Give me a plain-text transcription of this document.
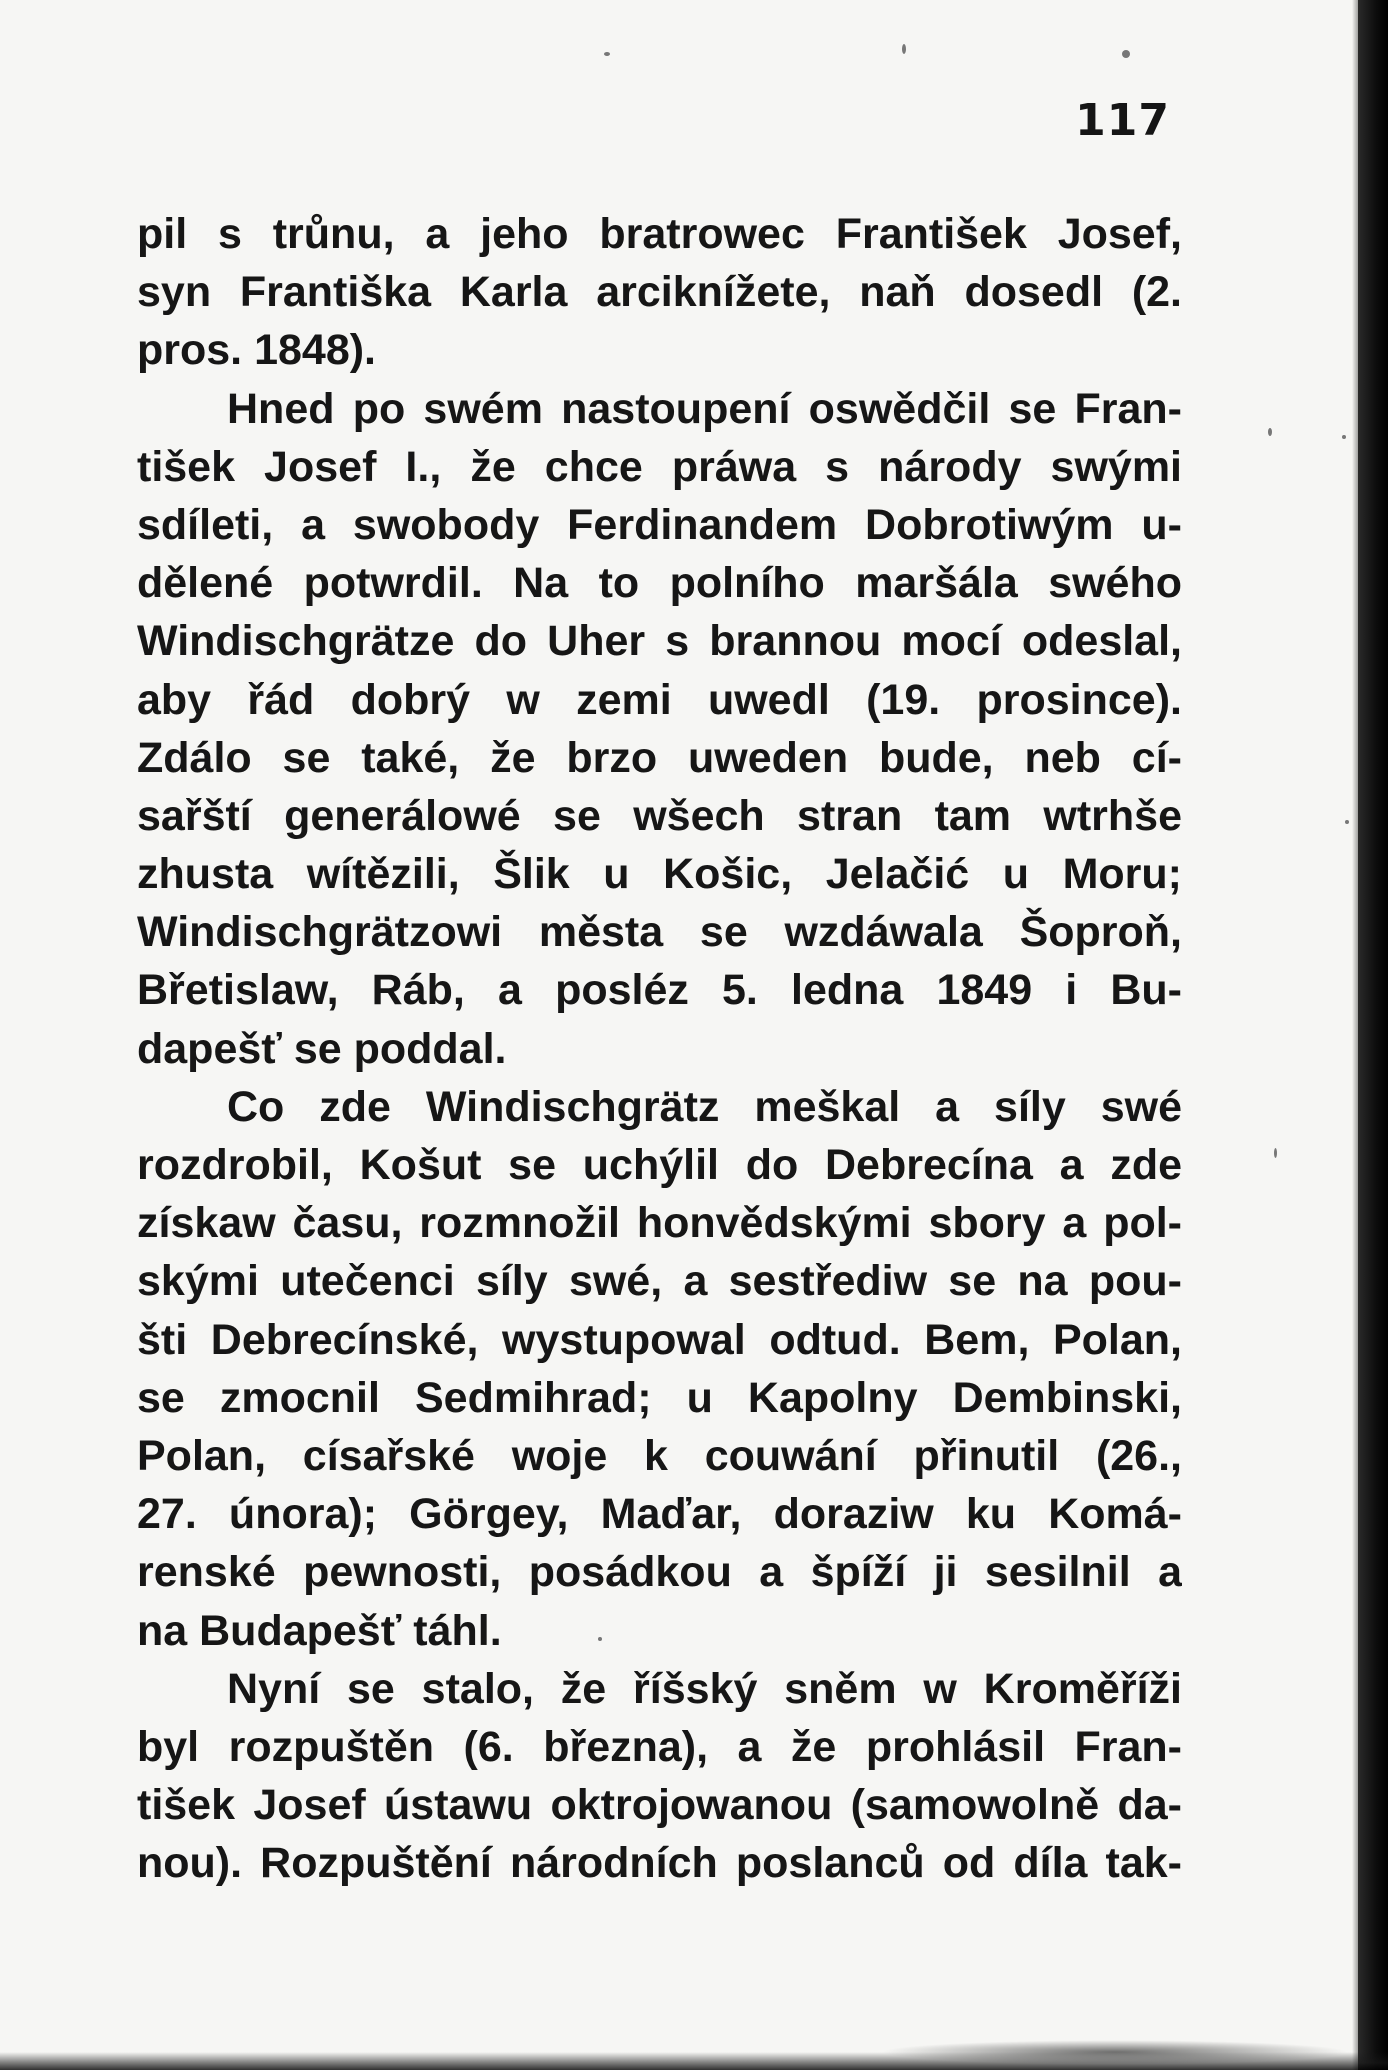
117
pil s trůnu, a jeho bratrowec František Josef,
syn Františka Karla arciknížete, naň dosedl (2.
pros. 1848).
Hned po swém nastoupení oswědčil se Fran-
tišek Josef I., že chce práwa s národy swými
sdíleti, a swobody Ferdinandem Dobrotiwým u-
dělené potwrdil. Na to polního maršála swého
Windischgrätze do Uher s brannou mocí odeslal,
aby řád dobrý w zemi uwedl (19. prosince).
Zdálo se také, že brzo uweden bude, neb cí-
sařští generálowé se wšech stran tam wtrhše
zhusta wítězili, Šlik u Košic, Jelačić u Moru;
Windischgrätzowi města se wzdáwala Šoproň,
Břetislaw, Ráb, a posléz 5. ledna 1849 i Bu-
dapešť se poddal.
Co zde Windischgrätz meškal a síly swé
rozdrobil, Košut se uchýlil do Debrecína a zde
získaw času, rozmnožil honvědskými sbory a pol-
skými utečenci síly swé, a sestřediw se na pou-
šti Debrecínské, wystupowal odtud. Bem, Polan,
se zmocnil Sedmihrad; u Kapolny Dembinski,
Polan, císařské woje k couwání přinutil (26.,
27. února); Görgey, Maďar, doraziw ku Komá-
renské pewnosti, posádkou a špíží ji sesilnil a
na Budapešť táhl.
Nyní se stalo, že říšský sněm w Kroměříži
byl rozpuštěn (6. března), a že prohlásil Fran-
tišek Josef ústawu oktrojowanou (samowolně da-
nou). Rozpuštění národních poslanců od díla tak-
